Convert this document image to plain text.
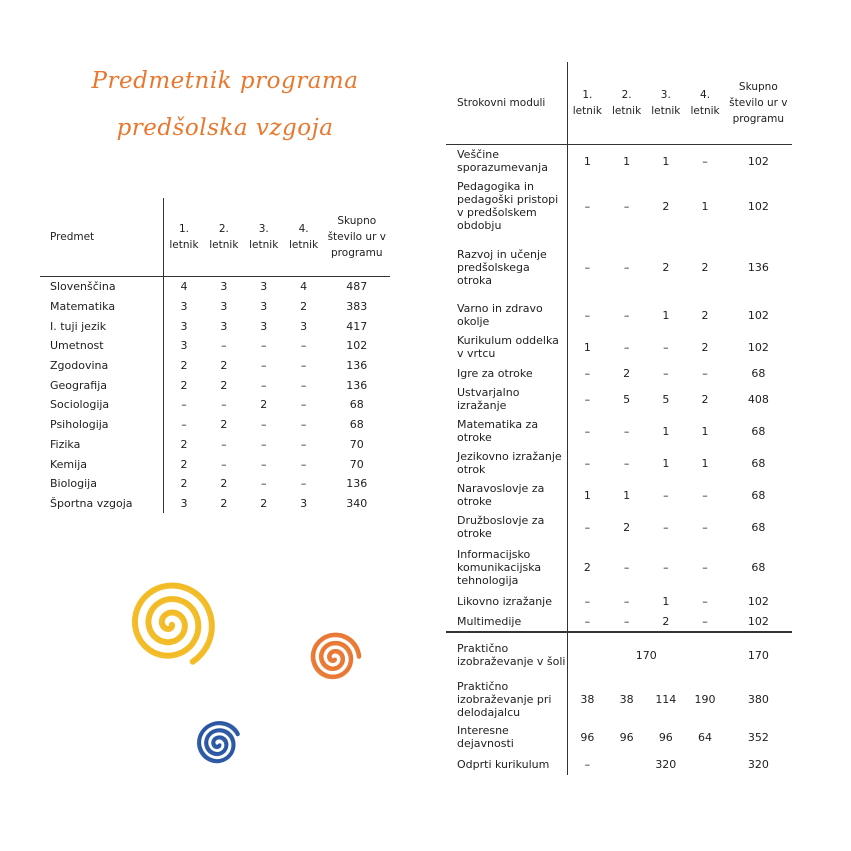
Predmetnik programa
predšolska vzgoja
Predmet	1. letnik	2. letnik	3. letnik	4. letnik	Skupno število ur v programu
Slovenščina	4	3	3	4	487
Matematika	3	3	3	2	383
I. tuji jezik	3	3	3	3	417
Umetnost	3	–	–	–	102
Zgodovina	2	2	–	–	136
Geografija	2	2	–	–	136
Sociologija	–	–	2	–	68
Psihologija	–	2	–	–	68
Fizika	2	–	–	–	70
Kemija	2	–	–	–	70
Biologija	2	2	–	–	136
Športna vzgoja	3	2	2	3	340
Strokovni moduli	1. letnik	2. letnik	3. letnik	4. letnik	Skupno število ur v programu
Veščine sporazumevanja	1	1	1	–	102
Pedagogika in pedagoški pristopi v predšolskem obdobju	–	–	2	1	102
Razvoj in učenje predšolskega otroka	–	–	2	2	136
Varno in zdravo okolje	–	–	1	2	102
Kurikulum oddelka v vrtcu	1	–	–	2	102
Igre za otroke	–	2	–	–	68
Ustvarjalno izražanje	–	5	5	2	408
Matematika za otroke	–	–	1	1	68
Jezikovno izražanje otrok	–	–	1	1	68
Naravoslovje za otroke	1	1	–	–	68
Družboslovje za otroke	–	2	–	–	68
Informacijsko komunikacijska tehnologija	2	–	–	–	68
Likovno izražanje	–	–	1	–	102
Multimedije	–	–	2	–	102
Praktično izobraževanje v šoli	170				170
Praktično izobraževanje pri delodajalcu	38	38	114	190	380
Interesne dejavnosti	96	96	96	64	352
Odprti kurikulum	–	320			320
